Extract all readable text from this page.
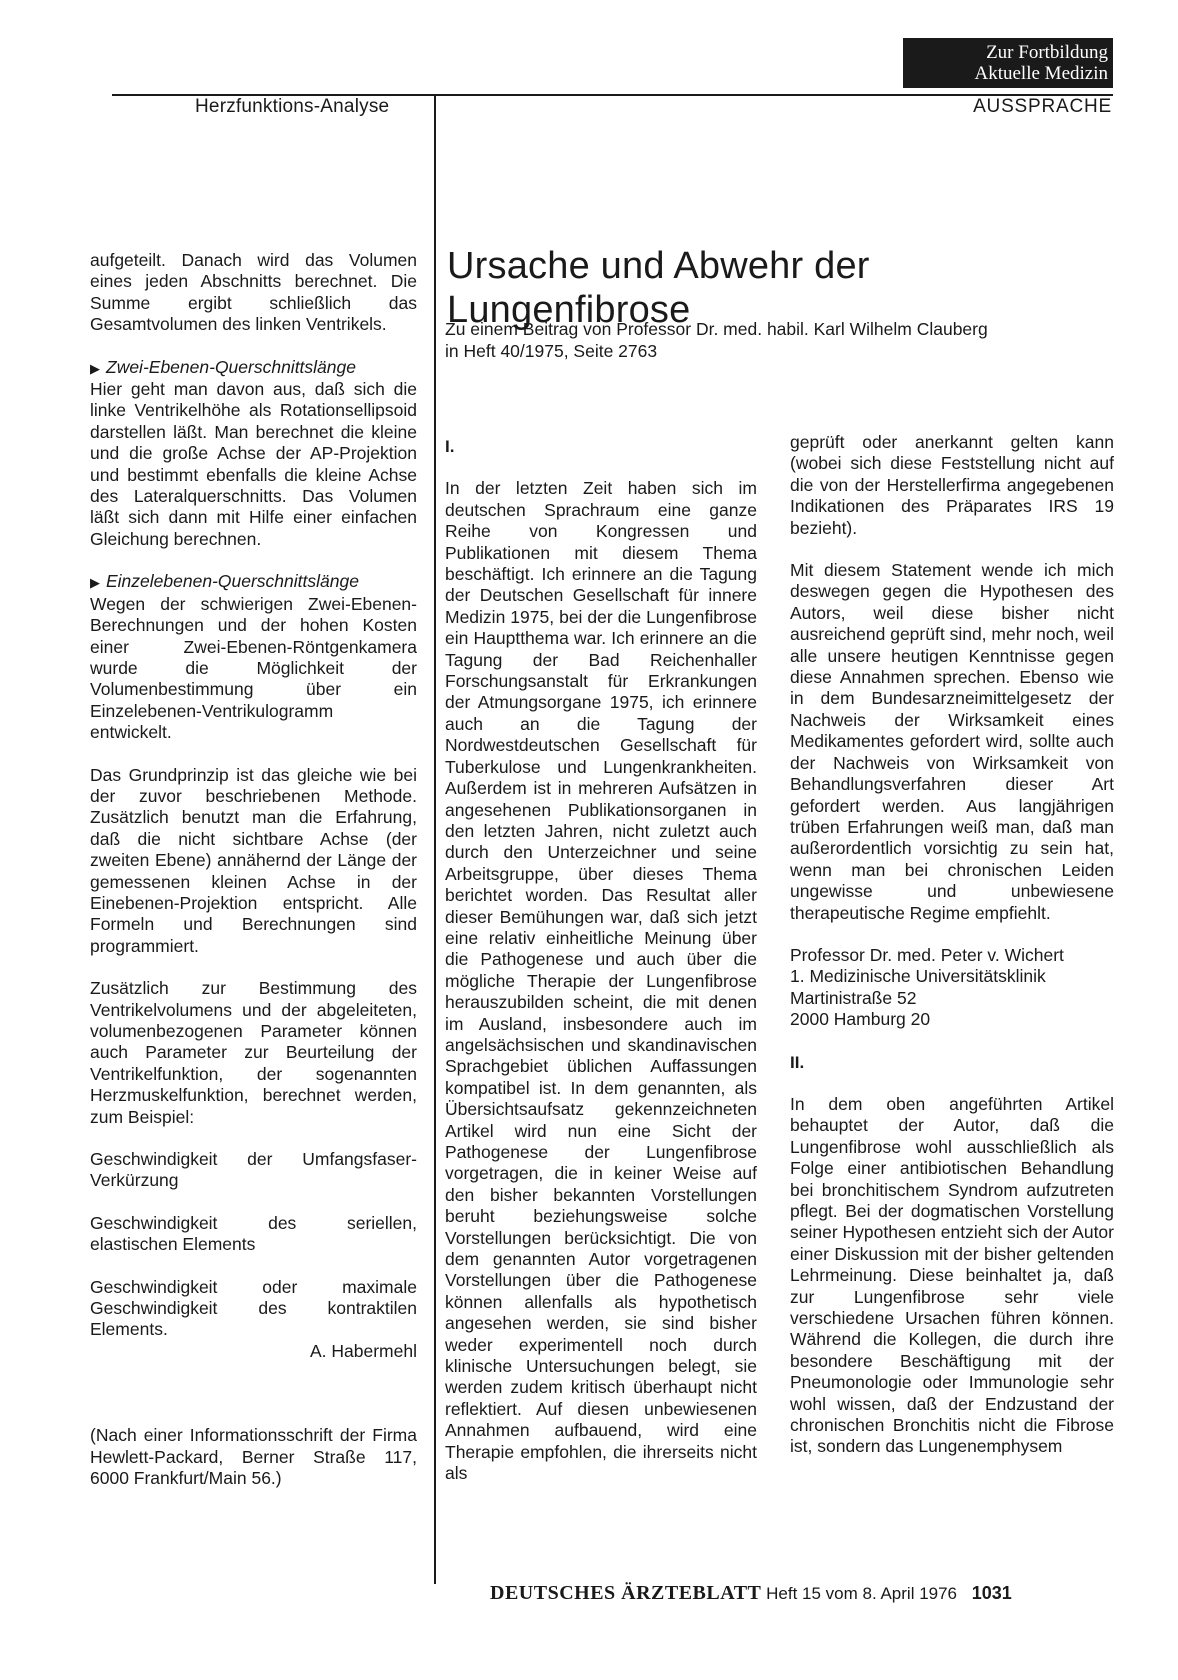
Zur Fortbildung
Aktuelle Medizin
Herzfunktions-Analyse	AUSSPRACHE
Ursache und Abwehr der Lungenfibrose
Zu einem Beitrag von Professor Dr. med. habil. Karl Wilhelm Clauberg
in Heft 40/1975, Seite 2763

aufgeteilt. Danach wird das Volumen eines jeden Abschnitts berechnet. Die Summe ergibt schließlich das Gesamtvolumen des linken Ventrikels.

▶ Zwei-Ebenen-Querschnittslänge

Hier geht man davon aus, daß sich die linke Ventrikelhöhe als Rotationsellipsoid darstellen läßt. Man berechnet die kleine und die große Achse der AP-Projektion und bestimmt ebenfalls die kleine Achse des Lateralquerschnitts. Das Volumen läßt sich dann mit Hilfe einer einfachen Gleichung berechnen.

▶ Einzelebenen-Querschnittslänge

Wegen der schwierigen Zwei-Ebenen-Berechnungen und der hohen Kosten einer Zwei-Ebenen-Röntgenkamera wurde die Möglichkeit der Volumenbestimmung über ein Einzelebenen-Ventrikulogramm entwickelt.

Das Grundprinzip ist das gleiche wie bei der zuvor beschriebenen Methode. Zusätzlich benutzt man die Erfahrung, daß die nicht sichtbare Achse (der zweiten Ebene) annähernd der Länge der gemessenen kleinen Achse in der Einebenen-Projektion entspricht. Alle Formeln und Berechnungen sind programmiert.

Zusätzlich zur Bestimmung des Ventrikelvolumens und der abgeleiteten, volumenbezogenen Parameter können auch Parameter zur Beurteilung der Ventrikelfunktion, der sogenannten Herzmuskelfunktion, berechnet werden, zum Beispiel:

Geschwindigkeit der Umfangsfaser-Verkürzung

Geschwindigkeit des seriellen, elastischen Elements

Geschwindigkeit oder maximale Geschwindigkeit des kontraktilen Elements.

A. Habermehl

(Nach einer Informationsschrift der Firma Hewlett-Packard, Berner Straße 117, 6000 Frankfurt/Main 56.)

I.

In der letzten Zeit haben sich im deutschen Sprachraum eine ganze Reihe von Kongressen und Publikationen mit diesem Thema beschäftigt. Ich erinnere an die Tagung der Deutschen Gesellschaft für innere Medizin 1975, bei der die Lungenfibrose ein Hauptthema war. Ich erinnere an die Tagung der Bad Reichenhaller Forschungsanstalt für Erkrankungen der Atmungsorgane 1975, ich erinnere auch an die Tagung der Nordwestdeutschen Gesellschaft für Tuberkulose und Lungenkrankheiten. Außerdem ist in mehreren Aufsätzen in angesehenen Publikationsorganen in den letzten Jahren, nicht zuletzt auch durch den Unterzeichner und seine Arbeitsgruppe, über dieses Thema berichtet worden. Das Resultat aller dieser Bemühungen war, daß sich jetzt eine relativ einheitliche Meinung über die Pathogenese und auch über die mögliche Therapie der Lungenfibrose herauszubilden scheint, die mit denen im Ausland, insbesondere auch im angelsächsischen und skandinavischen Sprachgebiet üblichen Auffassungen kompatibel ist. In dem genannten, als Übersichtsaufsatz gekennzeichneten Artikel wird nun eine Sicht der Pathogenese der Lungenfibrose vorgetragen, die in keiner Weise auf den bisher bekannten Vorstellungen beruht beziehungsweise solche Vorstellungen berücksichtigt. Die von dem genannten Autor vorgetragenen Vorstellungen über die Pathogenese können allenfalls als hypothetisch angesehen werden, sie sind bisher weder experimentell noch durch klinische Untersuchungen belegt, sie werden zudem kritisch überhaupt nicht reflektiert. Auf diesen unbewiesenen Annahmen aufbauend, wird eine Therapie empfohlen, die ihrerseits nicht als

geprüft oder anerkannt gelten kann (wobei sich diese Feststellung nicht auf die von der Herstellerfirma angegebenen Indikationen des Präparates IRS 19 bezieht).

Mit diesem Statement wende ich mich deswegen gegen die Hypothesen des Autors, weil diese bisher nicht ausreichend geprüft sind, mehr noch, weil alle unsere heutigen Kenntnisse gegen diese Annahmen sprechen. Ebenso wie in dem Bundesarzneimittelgesetz der Nachweis der Wirksamkeit eines Medikamentes gefordert wird, sollte auch der Nachweis von Wirksamkeit von Behandlungsverfahren dieser Art gefordert werden. Aus langjährigen trüben Erfahrungen weiß man, daß man außerordentlich vorsichtig zu sein hat, wenn man bei chronischen Leiden ungewisse und unbewiesene therapeutische Regime empfiehlt.

Professor Dr. med. Peter v. Wichert

1. Medizinische Universitätsklinik

Martinistraße 52

2000 Hamburg 20

II.

In dem oben angeführten Artikel behauptet der Autor, daß die Lungenfibrose wohl ausschließlich als Folge einer antibiotischen Behandlung bei bronchitischem Syndrom aufzutreten pflegt. Bei der dogmatischen Vorstellung seiner Hypothesen entzieht sich der Autor einer Diskussion mit der bisher geltenden Lehrmeinung. Diese beinhaltet ja, daß zur Lungenfibrose sehr viele verschiedene Ursachen führen können. Während die Kollegen, die durch ihre besondere Beschäftigung mit der Pneumonologie oder Immunologie sehr wohl wissen, daß der Endzustand der chronischen Bronchitis nicht die Fibrose ist, sondern das Lungenemphysem

DEUTSCHES ÄRZTEBLATT Heft 15 vom 8. April 1976 1031
